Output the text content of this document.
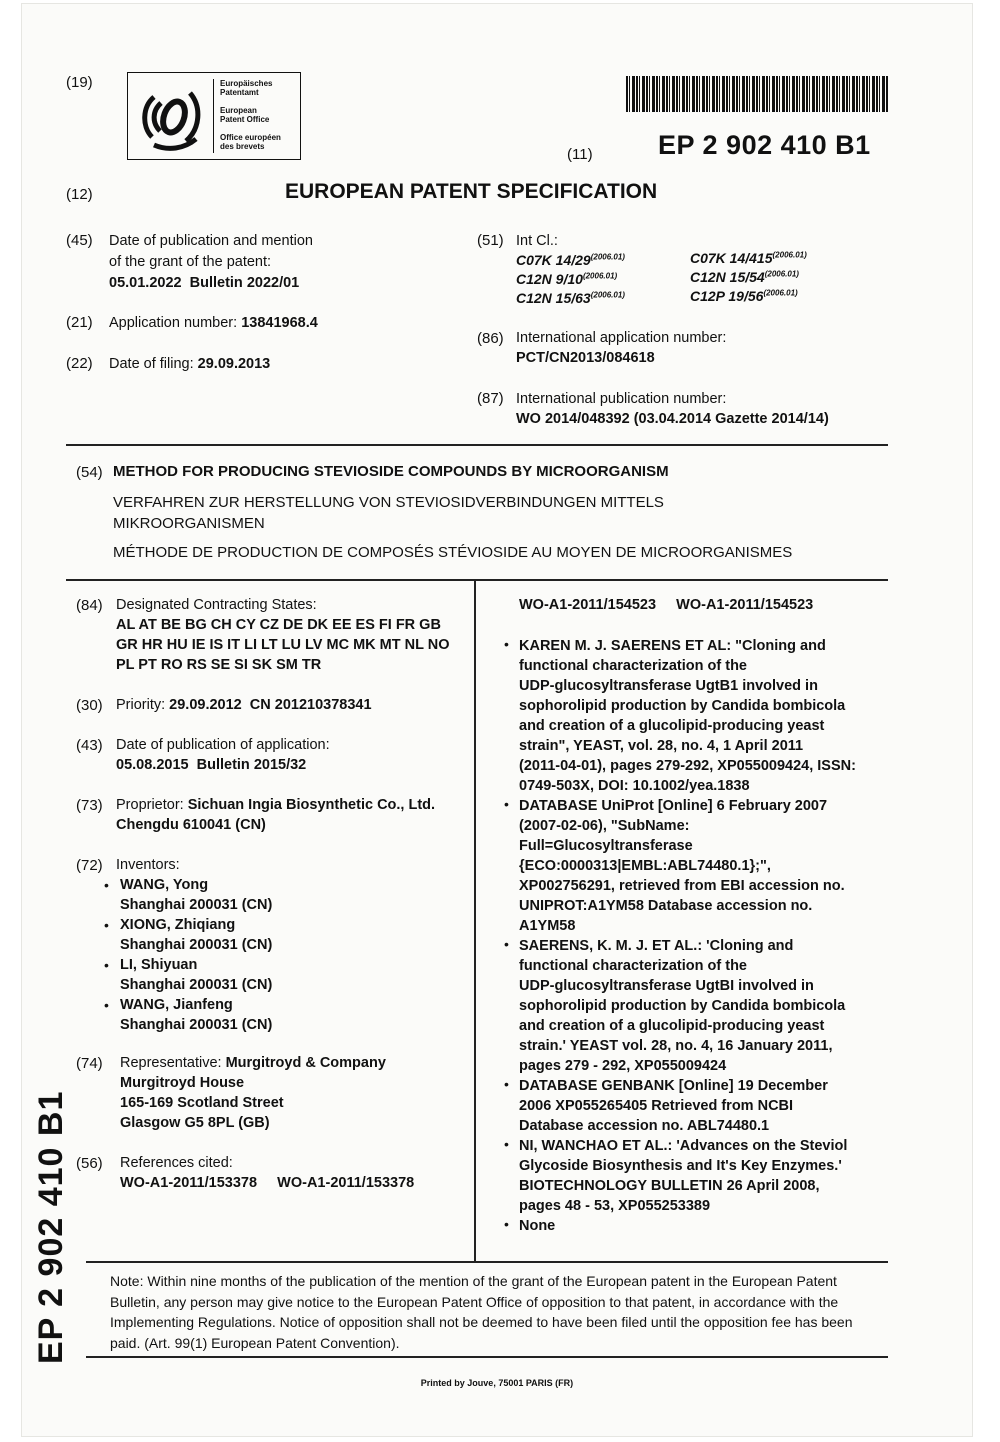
(19)	Europäisches
Patentamt
European
Patent Office
Office européen
des brevets	(11) EP 2 902 410 B1
(12)	EUROPEAN PATENT SPECIFICATION
(45) Date of publication and mention
of the grant of the patent:
05.01.2022  Bulletin 2022/01
(21) Application number: 13841968.4
(22) Date of filing: 29.09.2013
(51) Int Cl.:
C07K $14/29^{(2006.01)}$	C07K $14/415^{(2006.01)}$
C12N $9/10^{(2006.01)}$	C12N $15/54^{(2006.01)}$
C12N $15/63^{(2006.01)}$	C12P $19/56^{(2006.01)}$
(86) International application number:
PCT/CN2013/084618
(87) International publication number:
WO 2014/048392 (03.04.2014 Gazette 2014/14)
(54) METHOD FOR PRODUCING STEVIOSIDE COMPOUNDS BY MICROORGANISM
VERFAHREN ZUR HERSTELLUNG VON STEVIOSIDVERBINDUNGEN MITTELS
MIKROORGANISMEN
MÉTHODE DE PRODUCTION DE COMPOSÉS STÉVIOSIDE AU MOYEN DE MICROORGANISMES
(84) Designated Contracting States:
AL AT BE BG CH CY CZ DE DK EE ES FI FR GB
GR HR HU IE IS IT LI LT LU LV MC MK MT NL NO
PL PT RO RS SE SI SK SM TR
(30) Priority: 29.09.2012  CN 201210378341
(43) Date of publication of application:
05.08.2015  Bulletin 2015/32
(73) Proprietor: Sichuan Ingia Biosynthetic Co., Ltd.
Chengdu 610041 (CN)
(72) Inventors:
• WANG, Yong
Shanghai 200031 (CN)
• XIONG, Zhiqiang
Shanghai 200031 (CN)
• LI, Shiyuan
Shanghai 200031 (CN)
• WANG, Jianfeng
Shanghai 200031 (CN)
(74) Representative: Murgitroyd & Company
Murgitroyd House
165-169 Scotland Street
Glasgow G5 8PL (GB)
(56) References cited:
WO-A1-2011/153378     WO-A1-2011/153378
WO-A1-2011/154523     WO-A1-2011/154523
• KAREN M. J. SAERENS ET AL: "Cloning and
functional characterization of the
UDP-glucosyltransferase UgtB1 involved in
sophorolipid production by Candida bombicola
and creation of a glucolipid-producing yeast
strain", YEAST, vol. 28, no. 4, 1 April 2011
(2011-04-01), pages 279-292, XP055009424, ISSN:
0749-503X, DOI: 10.1002/yea.1838
• DATABASE UniProt [Online] 6 February 2007
(2007-02-06), "SubName:
Full=Glucosyltransferase
{ECO:0000313|EMBL:ABL74480.1};",
XP002756291, retrieved from EBI accession no.
UNIPROT:A1YM58 Database accession no.
A1YM58
• SAERENS, K. M. J. ET AL.: 'Cloning and
functional characterization of the
UDP-glucosyltransferase UgtBI involved in
sophorolipid production by Candida bombicola
and creation of a glucolipid-producing yeast
strain.' YEAST vol. 28, no. 4, 16 January 2011,
pages 279 - 292, XP055009424
• DATABASE GENBANK [Online] 19 December
2006 XP055265405 Retrieved from NCBI
Database accession no. ABL74480.1
• NI, WANCHAO ET AL.: 'Advances on the Steviol
Glycoside Biosynthesis and It's Key Enzymes.'
BIOTECHNOLOGY BULLETIN 26 April 2008,
pages 48 - 53, XP055253389
• None
Note: Within nine months of the publication of the mention of the grant of the European patent in the European Patent
Bulletin, any person may give notice to the European Patent Office of opposition to that patent, in accordance with the
Implementing Regulations. Notice of opposition shall not be deemed to have been filed until the opposition fee has been
paid. (Art. 99(1) European Patent Convention).
Printed by Jouve, 75001 PARIS (FR)
EP 2 902 410 B1
